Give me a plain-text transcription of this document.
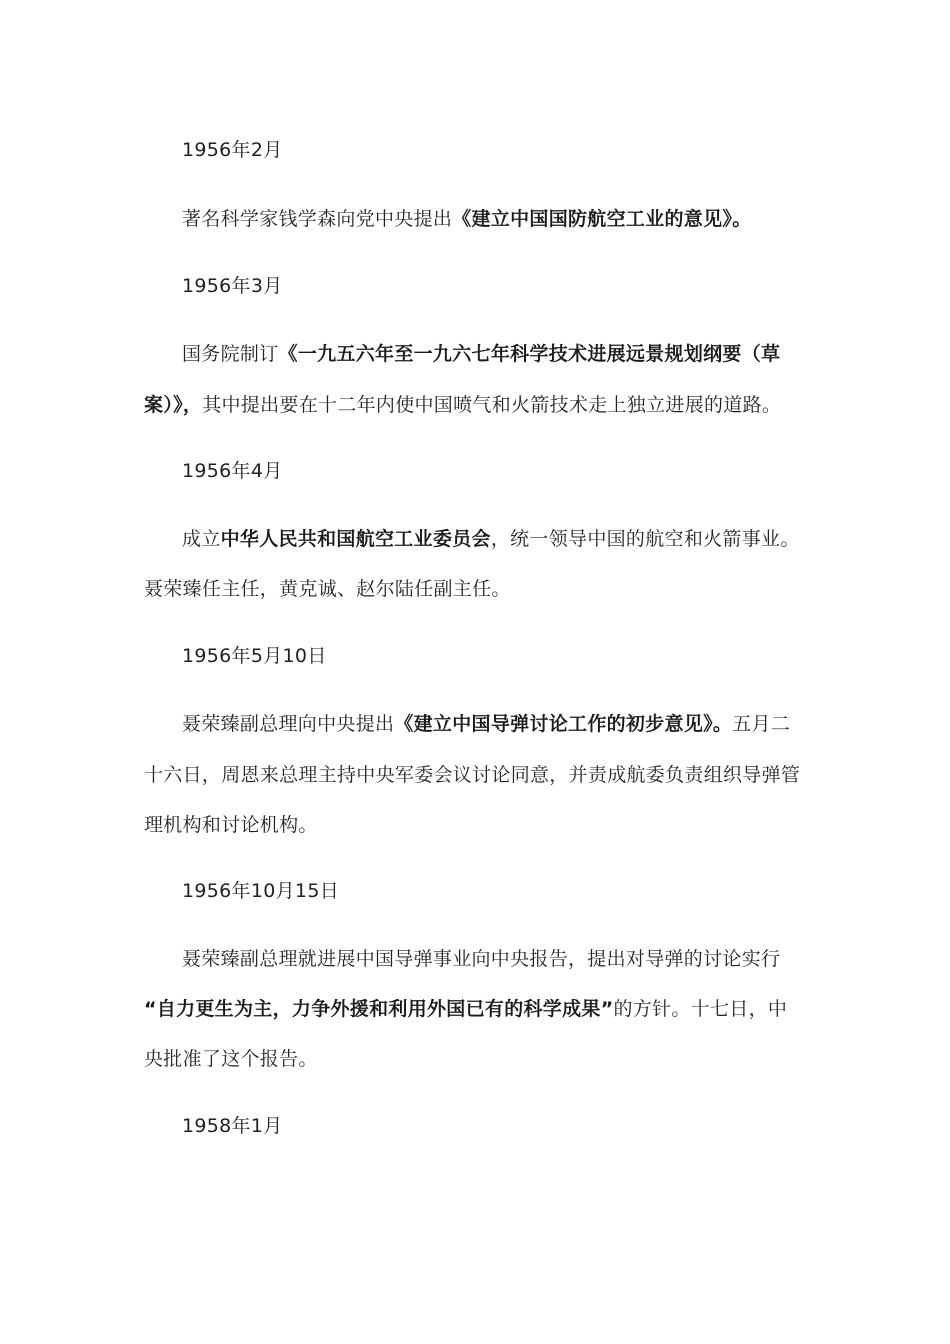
1956年2月
著名科学家钱学森向党中央提出《建立中国国防航空工业的意见》。
1956年3月
国务院制订《一九五六年至一九六七年科学技术进展远景规划纲要（草
案）》，其中提出要在十二年内使中国喷气和火箭技术走上独立进展的道路。
1956年4月
成立中华人民共和国航空工业委员会，统一领导中国的航空和火箭事业。
聂荣臻任主任，黄克诚、赵尔陆任副主任。
1956年5月10日
聂荣臻副总理向中央提出《建立中国导弹讨论工作的初步意见》。五月二
十六日，周恩来总理主持中央军委会议讨论同意，并责成航委负责组织导弹管
理机构和讨论机构。
1956年10月15日
聂荣臻副总理就进展中国导弹事业向中央报告，提出对导弹的讨论实行
“自力更生为主，力争外援和利用外国已有的科学成果”的方针。十七日，中
央批准了这个报告。
1958年1月
